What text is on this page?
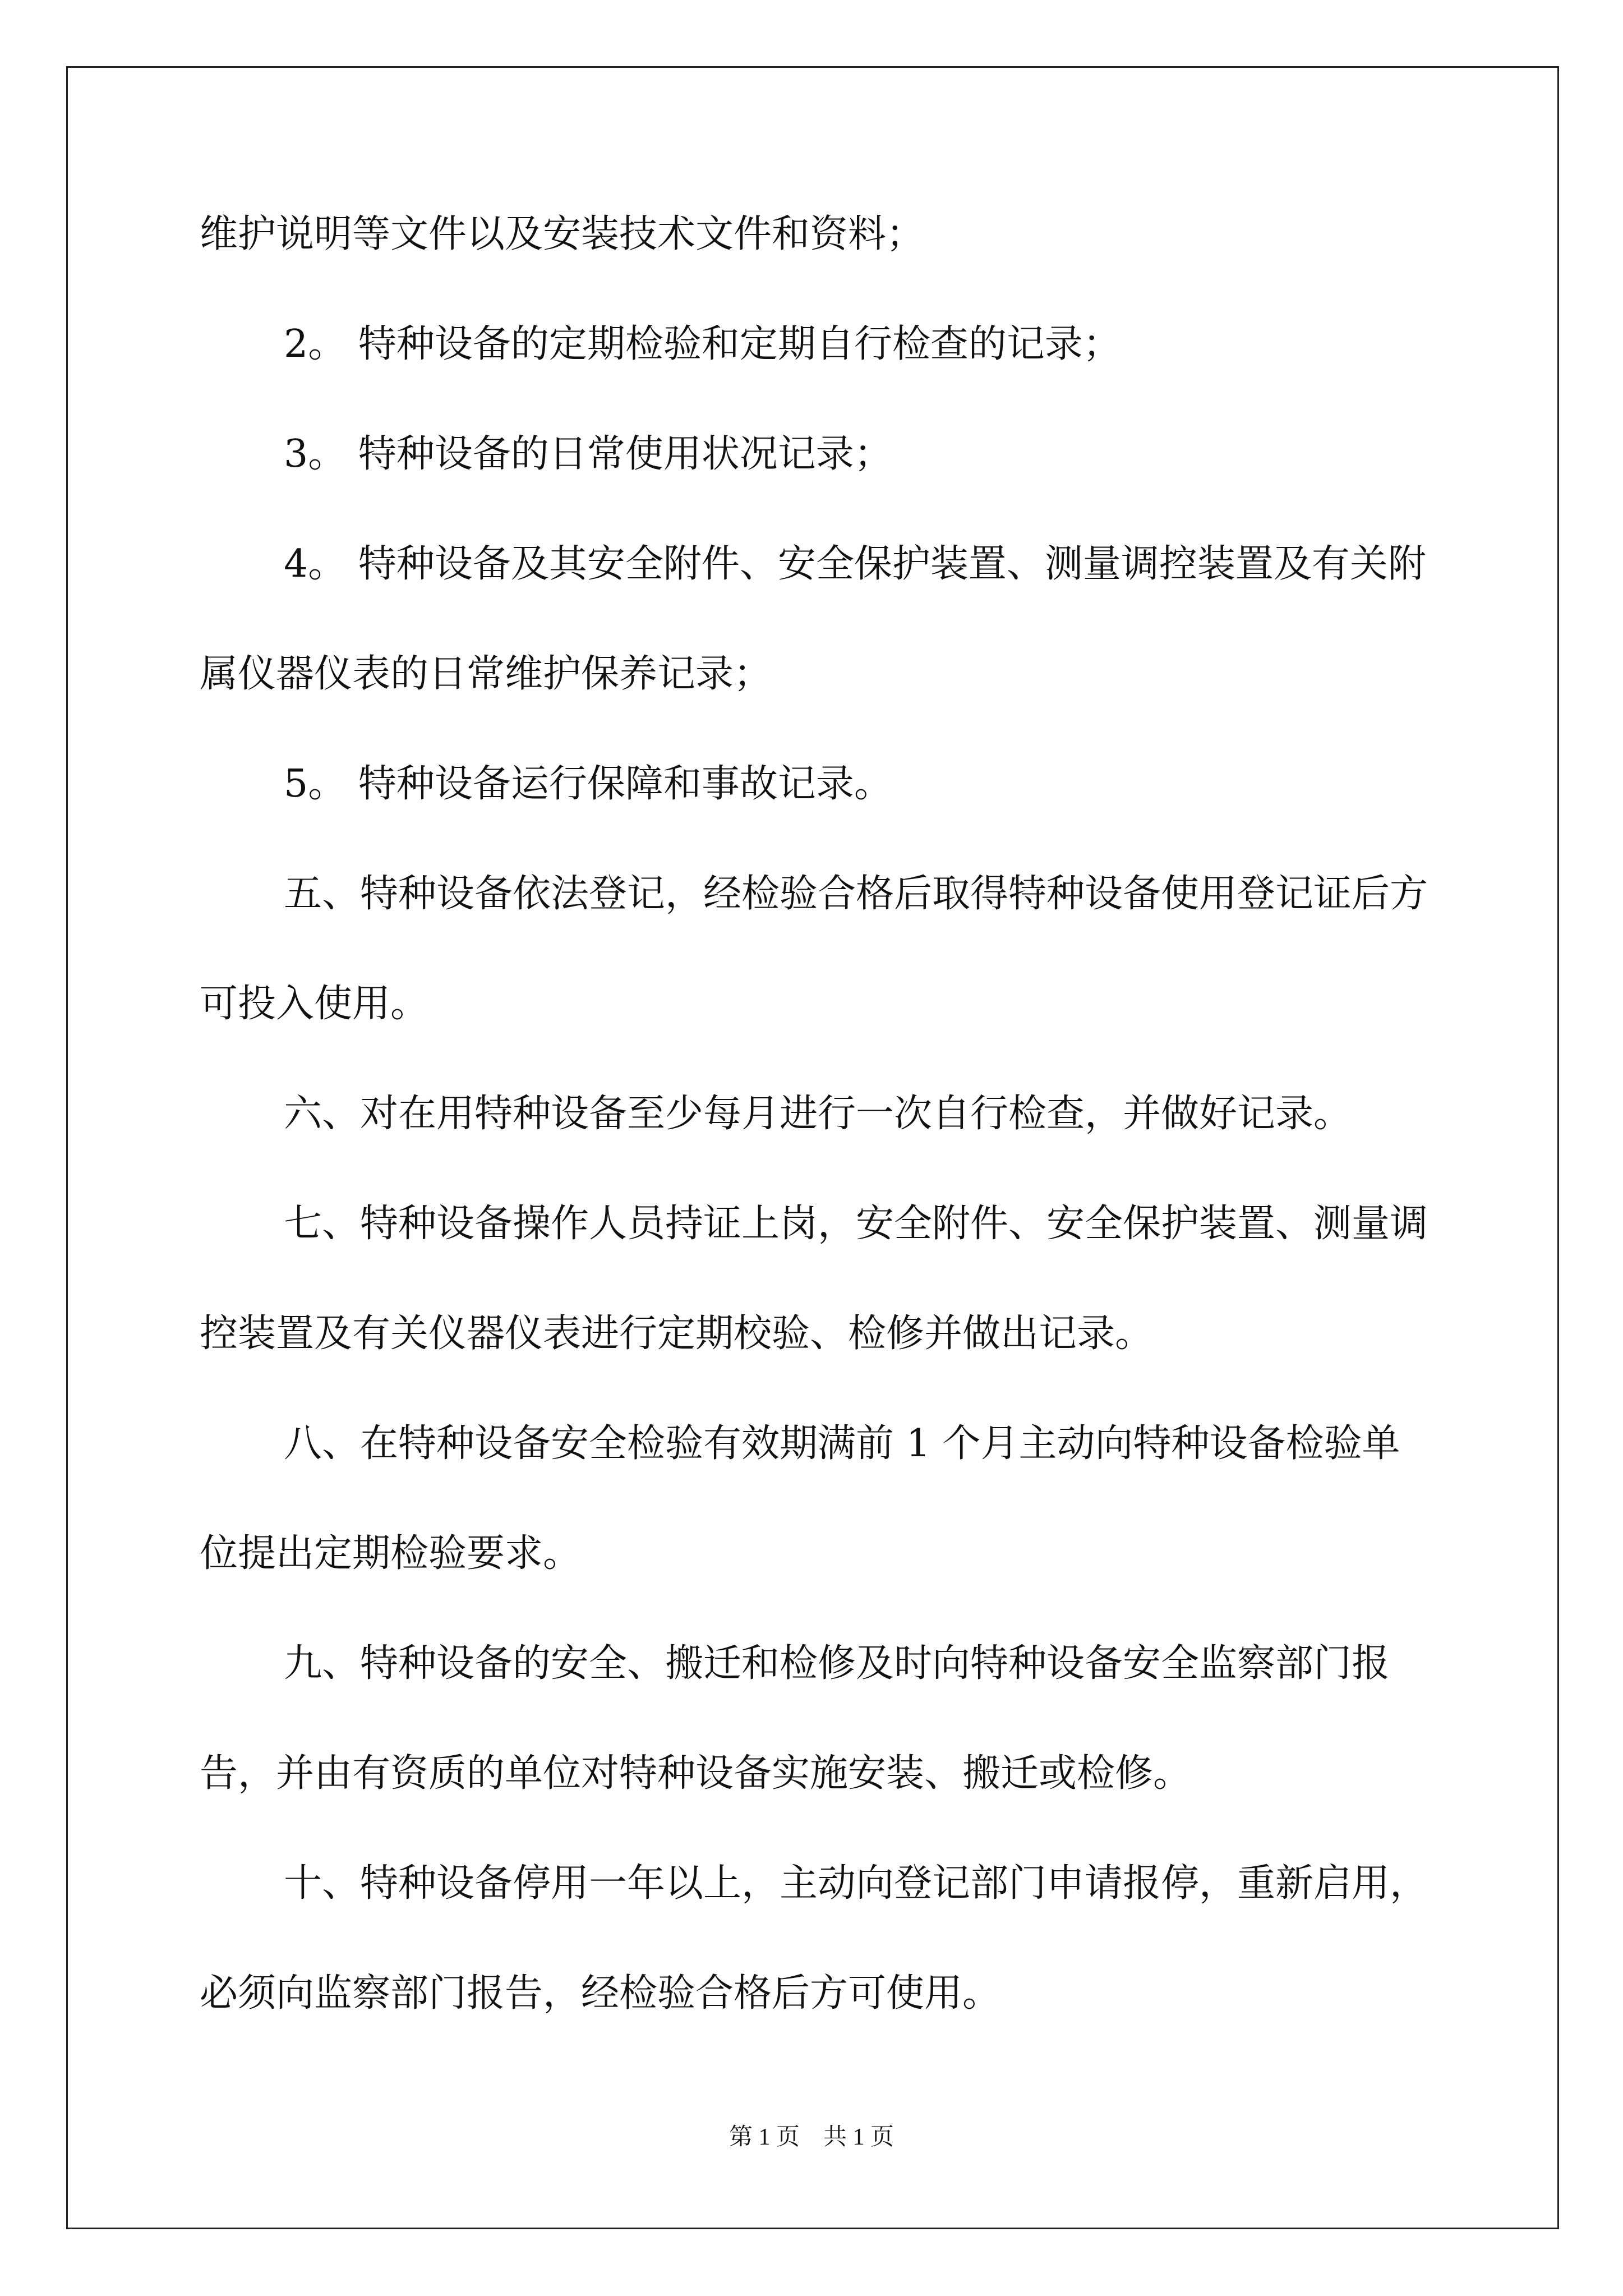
维护说明等文件以及安装技术文件和资料；

2。 特种设备的定期检验和定期自行检查的记录；

3。 特种设备的日常使用状况记录；

4。 特种设备及其安全附件、安全保护装置、测量调控装置及有关附属仪器仪表的日常维护保养记录；

5。 特种设备运行保障和事故记录。

五、特种设备依法登记，经检验合格后取得特种设备使用登记证后方可投入使用。

六、对在用特种设备至少每月进行一次自行检查，并做好记录。

七、特种设备操作人员持证上岗，安全附件、安全保护装置、测量调控装置及有关仪器仪表进行定期校验、检修并做出记录。

八、在特种设备安全检验有效期满前 1 个月主动向特种设备检验单位提出定期检验要求。

九、特种设备的安全、搬迁和检修及时向特种设备安全监察部门报告，并由有资质的单位对特种设备实施安装、搬迁或检修。

十、特种设备停用一年以上，主动向登记部门申请报停，重新启用，必须向监察部门报告，经检验合格后方可使用。

第 1 页　共 1 页
